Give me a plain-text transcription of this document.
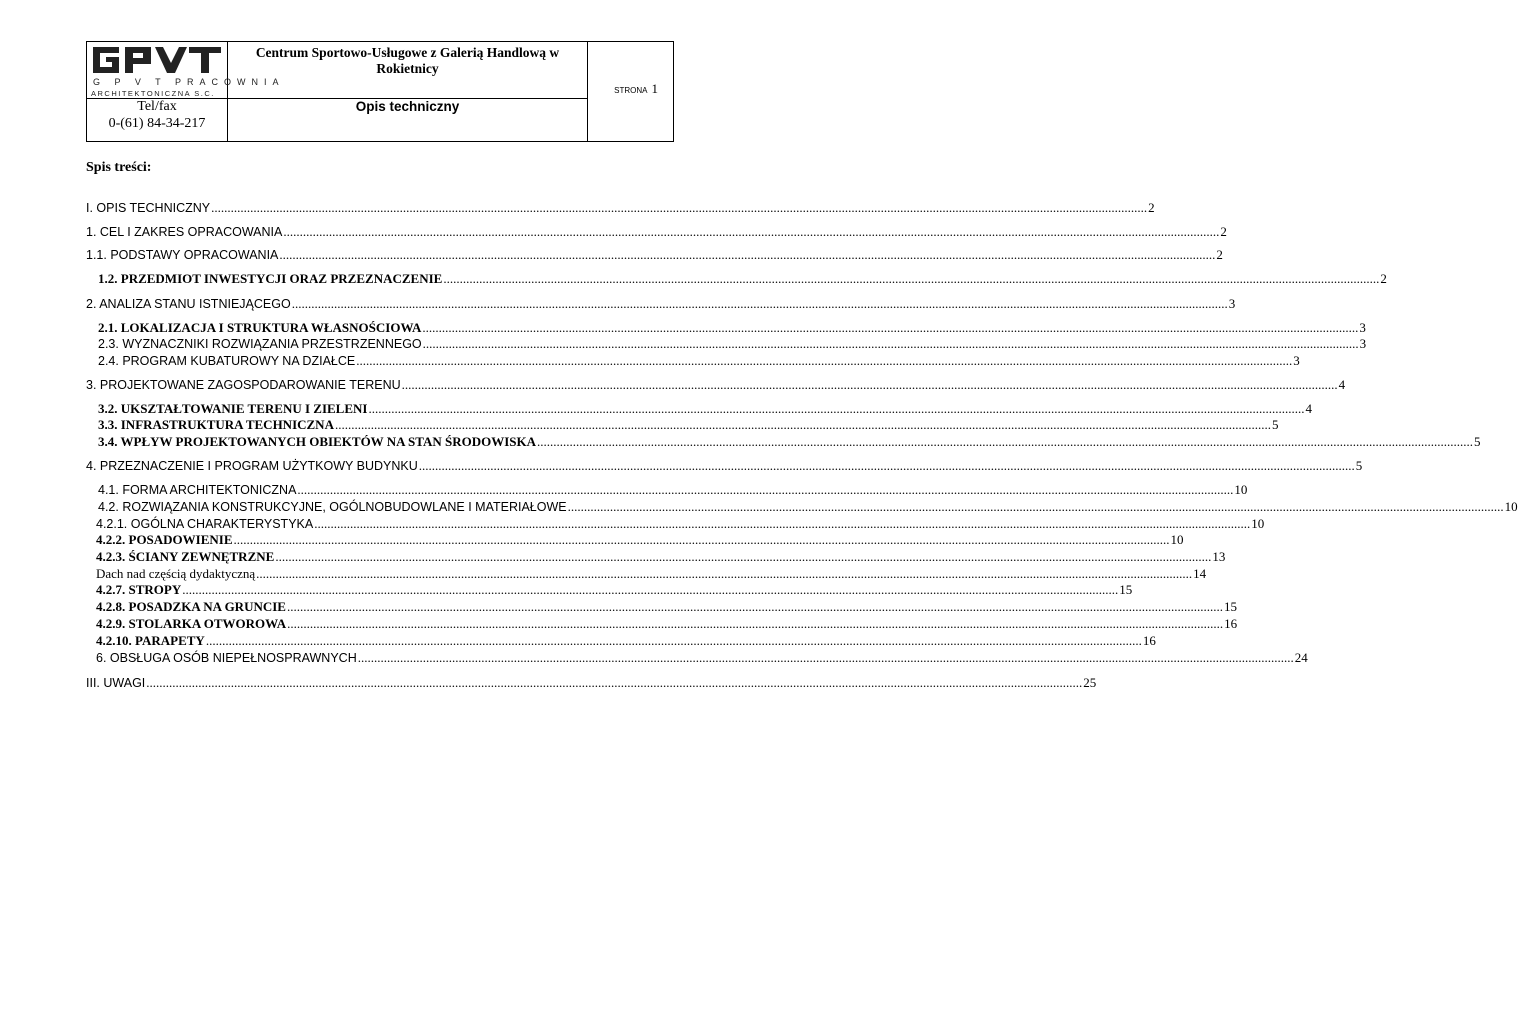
G P V T PRACOWNIA
ARCHITEKTONICZNA S.C.
Tel/fax
0-(61) 84-34-217
Centrum Sportowo-Usługowe z Galerią Handlową w Rokietnicy
Opis techniczny
STRONA 1
Spis treści:
I. OPIS TECHNICZNY .....	2
1. CEL I ZAKRES OPRACOWANIA .....	2
1.1. PODSTAWY OPRACOWANIA .....	2
1.2. PRZEDMIOT INWESTYCJI ORAZ PRZEZNACZENIE .....	2
2. ANALIZA STANU ISTNIEJĄCEGO .....	3
2.1. LOKALIZACJA I STRUKTURA WŁASNOŚCIOWA .....	3
2.3. WYZNACZNIKI ROZWIĄZANIA PRZESTRZENNEGO .....	3
2.4. PROGRAM KUBATUROWY NA DZIAŁCE .....	3
3. PROJEKTOWANE ZAGOSPODAROWANIE TERENU .....	4
3.2. UKSZTAŁTOWANIE TERENU I ZIELENI .....	4
3.3. INFRASTRUKTURA TECHNICZNA .....	5
3.4. WPŁYW PROJEKTOWANYCH OBIEKTÓW NA STAN ŚRODOWISKA .....	5
4. PRZEZNACZENIE I PROGRAM UŻYTKOWY BUDYNKU .....	5
4.1. FORMA ARCHITEKTONICZNA .....	10
4.2. ROZWIĄZANIA KONSTRUKCYJNE, OGÓLNOBUDOWLANE I MATERIAŁOWE .....	10
4.2.1. OGÓLNA CHARAKTERYSTYKA .....	10
4.2.2. POSADOWIENIE .....	10
4.2.3. ŚCIANY ZEWNĘTRZNE .....	13
Dach nad częścią dydaktyczną .....	14
4.2.7. STROPY .....	15
4.2.8. POSADZKA NA GRUNCIE .....	15
4.2.9. STOLARKA OTWOROWA .....	16
4.2.10. PARAPETY .....	16
6. OBSŁUGA OSÓB NIEPEŁNOSPRAWNYCH .....	24
III. UWAGI .....	25
